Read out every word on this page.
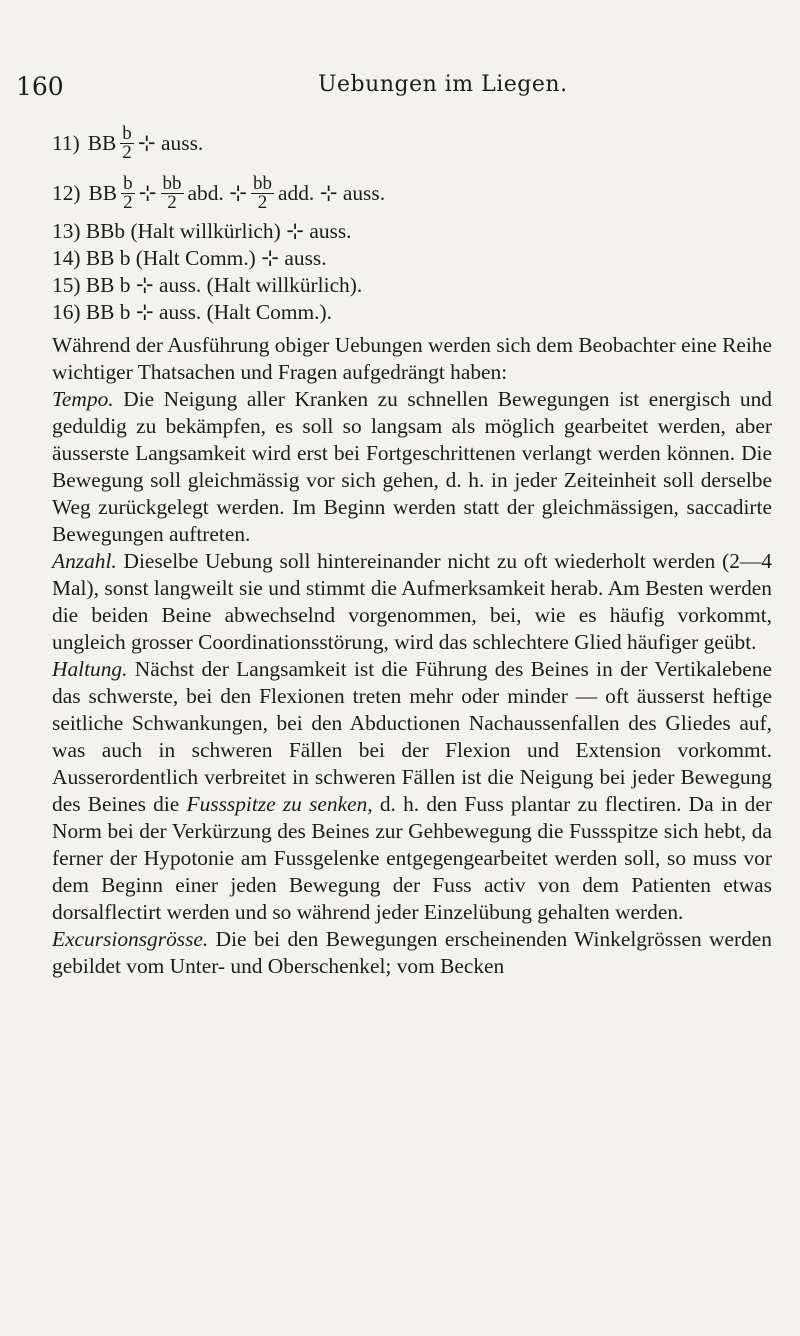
160	Uebungen im Liegen.
11) BB $\frac{b}{2}$ ⊹ auss.
12) BB $\frac{b}{2}$ ⊹ $\frac{bb}{2}$ abd. ⊹ $\frac{bb}{2}$ add. ⊹ auss.
13) BBb (Halt willkürlich) ⊹ auss.
14) BB b (Halt Comm.) ⊹ auss.
15) BB b ⊹ auss. (Halt willkürlich).
16) BB b ⊹ auss. (Halt Comm.).

Während der Ausführung obiger Uebungen werden sich dem Beobachter eine Reihe wichtiger Thatsachen und Fragen aufgedrängt haben:

Tempo. Die Neigung aller Kranken zu schnellen Bewegungen ist energisch und geduldig zu bekämpfen, es soll so langsam als möglich gearbeitet werden, aber äusserste Langsamkeit wird erst bei Fortgeschrittenen verlangt werden können. Die Bewegung soll gleichmässig vor sich gehen, d. h. in jeder Zeiteinheit soll derselbe Weg zurückgelegt werden. Im Beginn werden statt der gleichmässigen, saccadirte Bewegungen auftreten.

Anzahl. Dieselbe Uebung soll hintereinander nicht zu oft wiederholt werden (2—4 Mal), sonst langweilt sie und stimmt die Aufmerksamkeit herab. Am Besten werden die beiden Beine abwechselnd vorgenommen, bei, wie es häufig vorkommt, ungleich grosser Coordinationsstörung, wird das schlechtere Glied häufiger geübt.

Haltung. Nächst der Langsamkeit ist die Führung des Beines in der Vertikalebene das schwerste, bei den Flexionen treten mehr oder minder — oft äusserst heftige seitliche Schwankungen, bei den Abductionen Nachaussenfallen des Gliedes auf, was auch in schweren Fällen bei der Flexion und Extension vorkommt. Ausserordentlich verbreitet in schweren Fällen ist die Neigung bei jeder Bewegung des Beines die Fussspitze zu senken, d. h. den Fuss plantar zu flectiren. Da in der Norm bei der Verkürzung des Beines zur Gehbewegung die Fussspitze sich hebt, da ferner der Hypotonie am Fussgelenke entgegengearbeitet werden soll, so muss vor dem Beginn einer jeden Bewegung der Fuss activ von dem Patienten etwas dorsalflectirt werden und so während jeder Einzelübung gehalten werden.

Excursionsgrösse. Die bei den Bewegungen erscheinenden Winkelgrössen werden gebildet vom Unter- und Oberschenkel; vom Becken
